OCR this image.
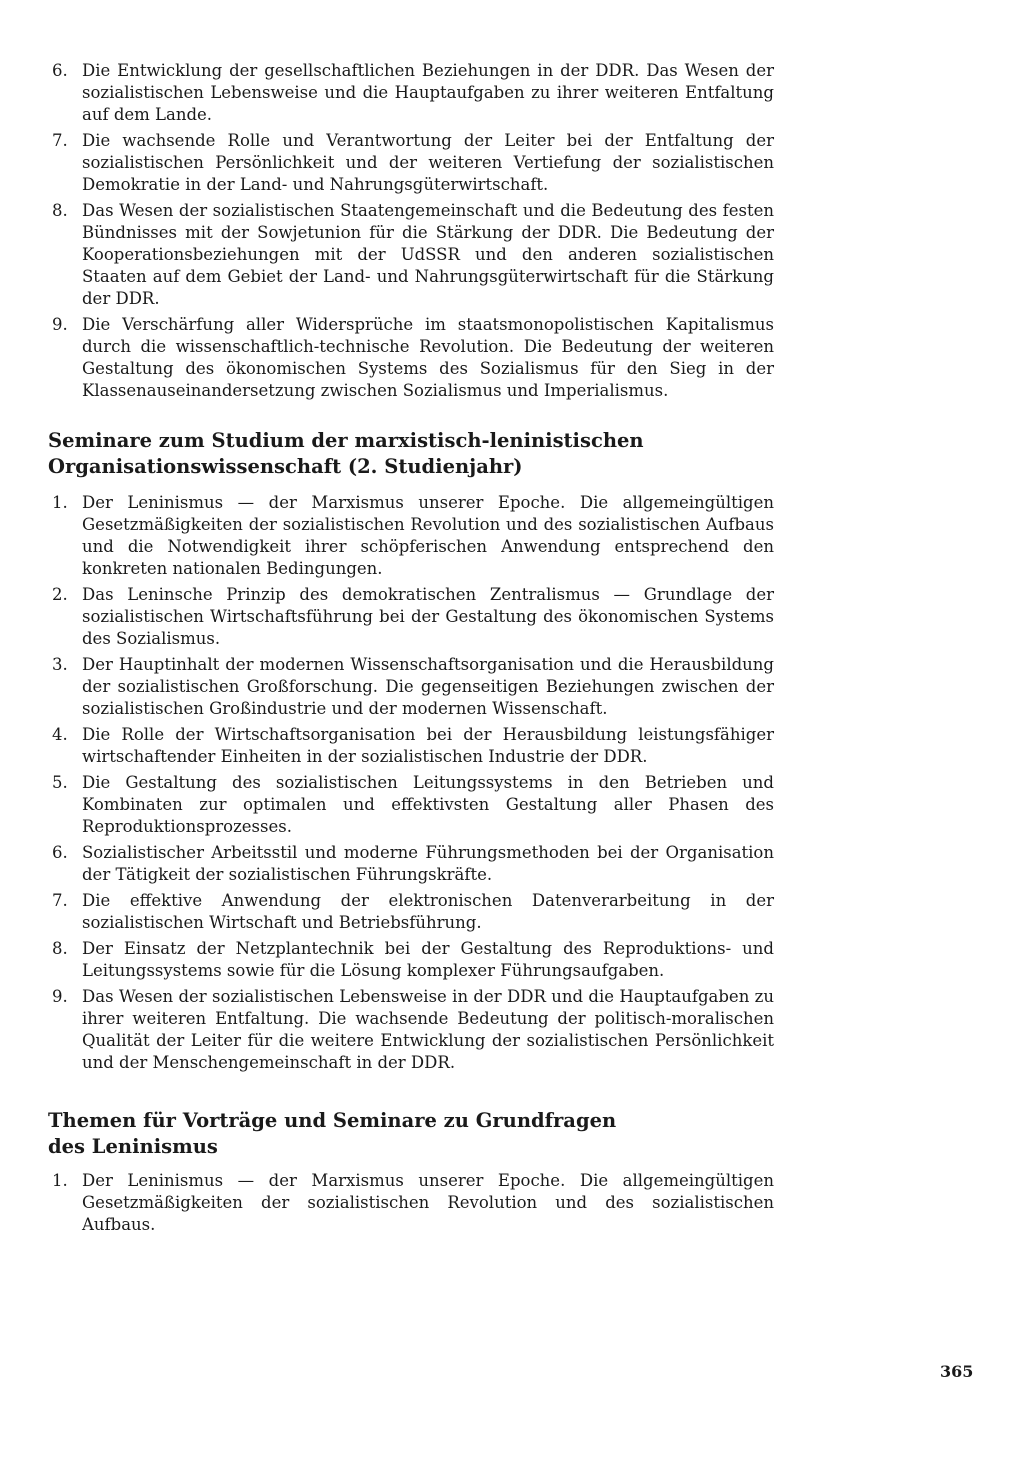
6. Die Entwicklung der gesellschaftlichen Beziehungen in der DDR. Das Wesen der sozialistischen Lebensweise und die Hauptaufgaben zu ihrer weiteren Entfaltung auf dem Lande.
7. Die wachsende Rolle und Verantwortung der Leiter bei der Entfaltung der sozialistischen Persönlichkeit und der weiteren Vertiefung der sozialistischen Demokratie in der Land- und Nahrungsgüterwirtschaft.
8. Das Wesen der sozialistischen Staatengemeinschaft und die Bedeutung des festen Bündnisses mit der Sowjetunion für die Stärkung der DDR. Die Bedeutung der Kooperationsbeziehungen mit der UdSSR und den anderen sozialistischen Staaten auf dem Gebiet der Land- und Nahrungsgüterwirtschaft für die Stärkung der DDR.
9. Die Verschärfung aller Widersprüche im staatsmonopolistischen Kapitalismus durch die wissenschaftlich-technische Revolution. Die Bedeutung der weiteren Gestaltung des ökonomischen Systems des Sozialismus für den Sieg in der Klassenauseinandersetzung zwischen Sozialismus und Imperialismus.
Seminare zum Studium der marxistisch-leninistischen
Organisationswissenschaft (2. Studienjahr)
1. Der Leninismus — der Marxismus unserer Epoche. Die allgemeingültigen Gesetzmäßigkeiten der sozialistischen Revolution und des sozialistischen Aufbaus und die Notwendigkeit ihrer schöpferischen Anwendung entsprechend den konkreten nationalen Bedingungen.
2. Das Leninsche Prinzip des demokratischen Zentralismus — Grundlage der sozialistischen Wirtschaftsführung bei der Gestaltung des ökonomischen Systems des Sozialismus.
3. Der Hauptinhalt der modernen Wissenschaftsorganisation und die Herausbildung der sozialistischen Großforschung. Die gegenseitigen Beziehungen zwischen der sozialistischen Großindustrie und der modernen Wissenschaft.
4. Die Rolle der Wirtschaftsorganisation bei der Herausbildung leistungsfähiger wirtschaftender Einheiten in der sozialistischen Industrie der DDR.
5. Die Gestaltung des sozialistischen Leitungssystems in den Betrieben und Kombinaten zur optimalen und effektivsten Gestaltung aller Phasen des Reproduktionsprozesses.
6. Sozialistischer Arbeitsstil und moderne Führungsmethoden bei der Organisation der Tätigkeit der sozialistischen Führungskräfte.
7. Die effektive Anwendung der elektronischen Datenverarbeitung in der sozialistischen Wirtschaft und Betriebsführung.
8. Der Einsatz der Netzplantechnik bei der Gestaltung des Reproduktions- und Leitungssystems sowie für die Lösung komplexer Führungsaufgaben.
9. Das Wesen der sozialistischen Lebensweise in der DDR und die Hauptaufgaben zu ihrer weiteren Entfaltung. Die wachsende Bedeutung der politisch-moralischen Qualität der Leiter für die weitere Entwicklung der sozialistischen Persönlichkeit und der Menschengemeinschaft in der DDR.
Themen für Vorträge und Seminare zu Grundfragen
des Leninismus
1. Der Leninismus — der Marxismus unserer Epoche. Die allgemeingültigen Gesetzmäßigkeiten der sozialistischen Revolution und des sozialistischen Aufbaus.
365
